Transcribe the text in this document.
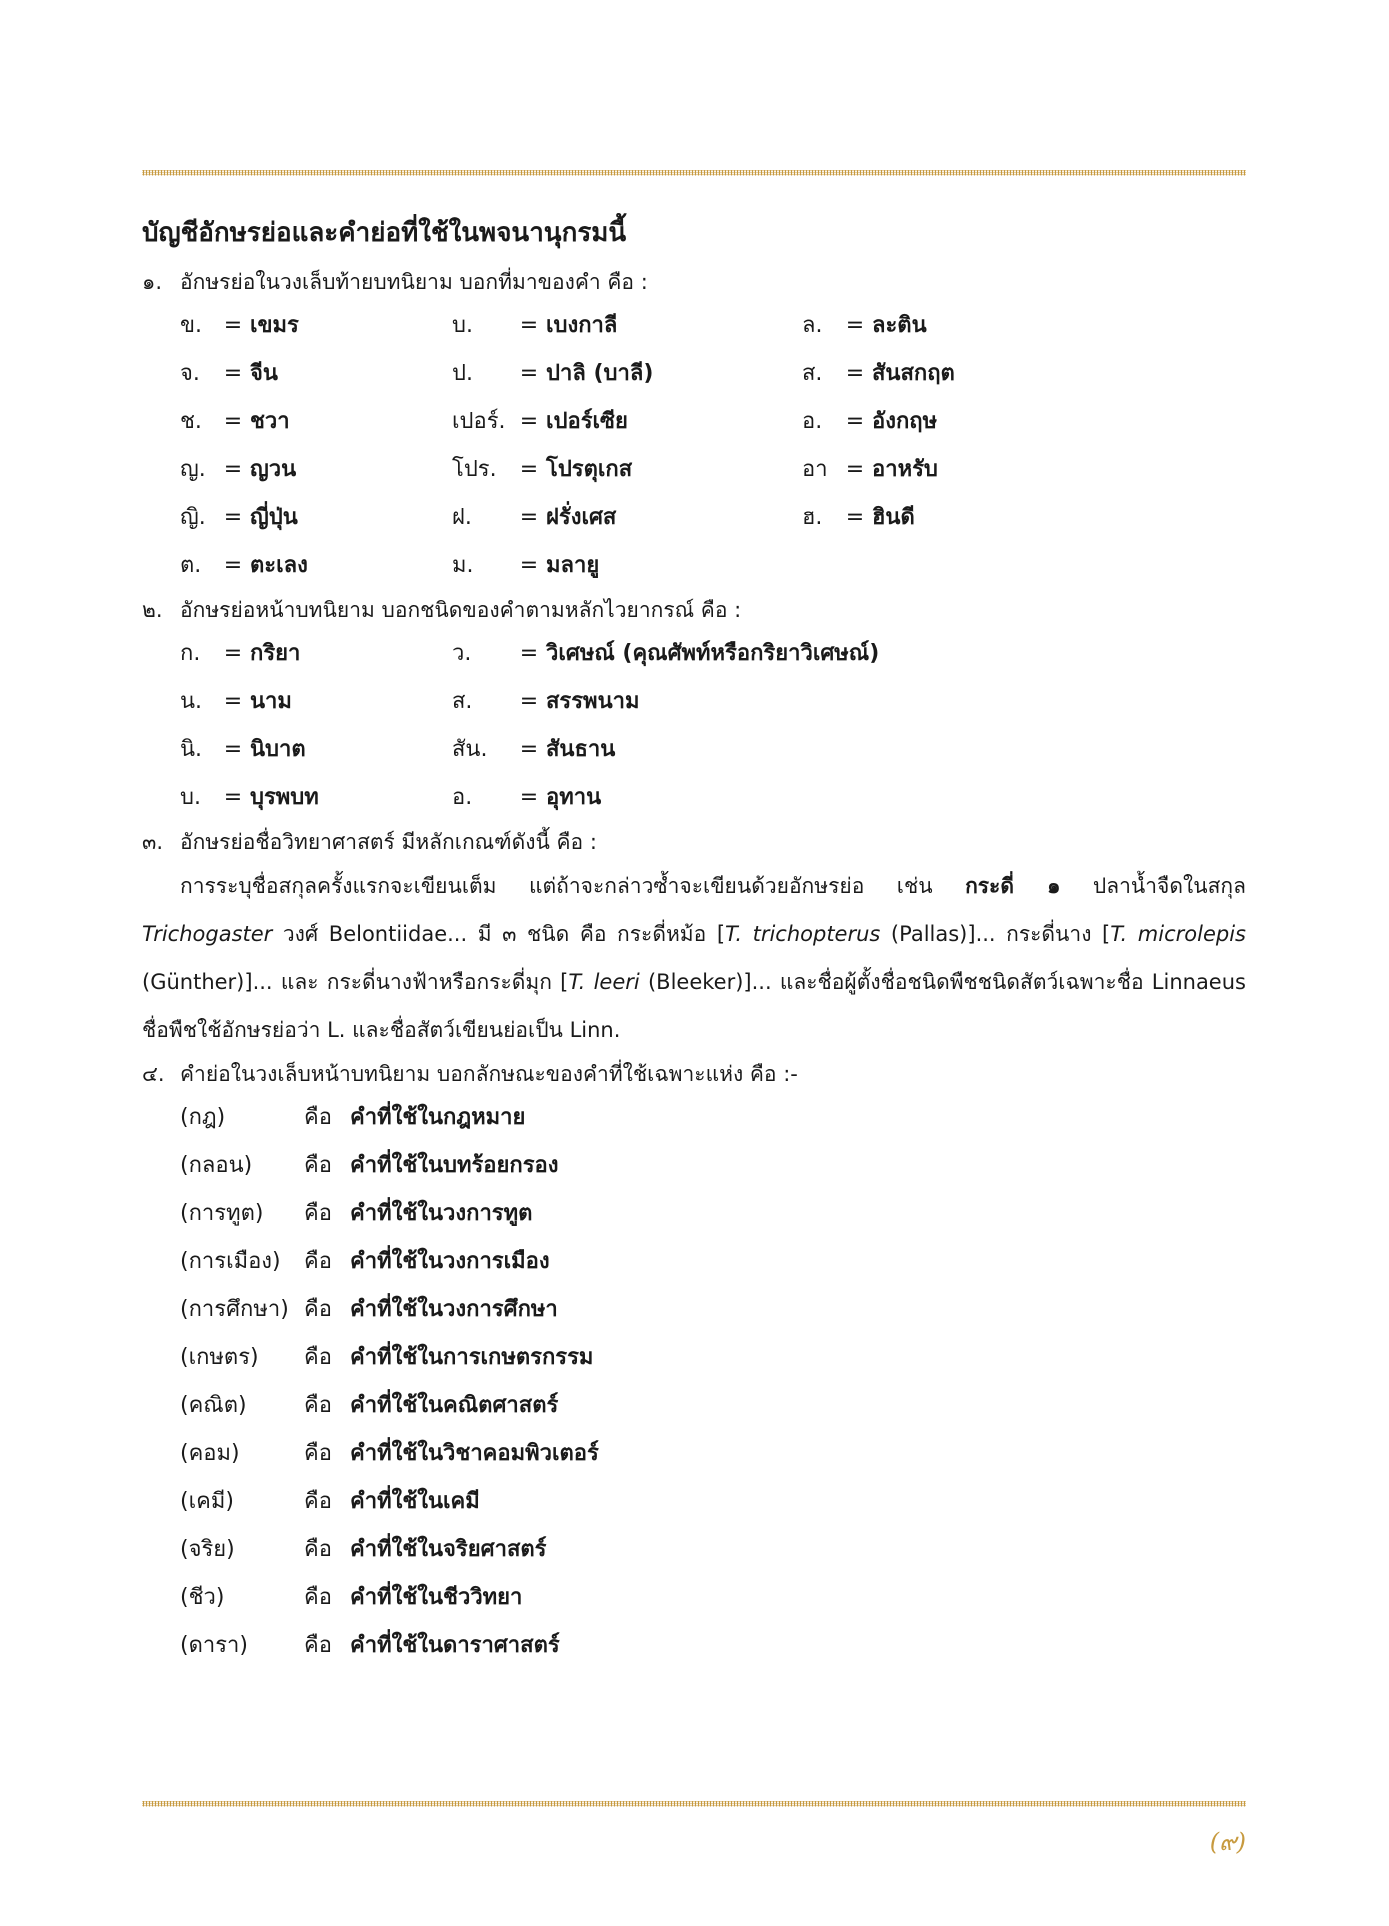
บัญชีอักษรย่อและคำย่อที่ใช้ในพจนานุกรมนี้
๑. อักษรย่อในวงเล็บท้ายบทนิยาม บอกที่มาของคำ คือ :
ข. = เขมร	บ. = เบงกาลี	ล. = ละติน
จ. = จีน	ป. = ปาลิ (บาลี)	ส. = สันสกฤต
ช. = ชวา	เปอร์. = เปอร์เซีย	อ. = อังกฤษ
ญ. = ญวน	โปร. = โปรตุเกส	อา = อาหรับ
ญิ. = ญี่ปุ่น	ฝ. = ฝรั่งเศส	ฮ. = ฮินดี
ต. = ตะเลง	ม. = มลายู
๒. อักษรย่อหน้าบทนิยาม บอกชนิดของคำตามหลักไวยากรณ์ คือ :
ก. = กริยา	ว. = วิเศษณ์ (คุณศัพท์หรือกริยาวิเศษณ์)
น. = นาม	ส. = สรรพนาม
นิ. = นิบาต	สัน. = สันธาน
บ. = บุรพบท	อ. = อุทาน
๓. อักษรย่อชื่อวิทยาศาสตร์ มีหลักเกณฑ์ดังนี้ คือ :
การระบุชื่อสกุลครั้งแรกจะเขียนเต็ม แต่ถ้าจะกล่าวซ้ำจะเขียนด้วยอักษรย่อ เช่น กระดี่ ๑ ปลาน้ำจืดในสกุล Trichogaster วงศ์ Belontiidae... มี ๓ ชนิด คือ กระดี่หม้อ [T. trichopterus (Pallas)]... กระดี่นาง [T. microlepis (Günther)]... และ กระดี่นางฟ้าหรือกระดี่มุก [T. leeri (Bleeker)]... และชื่อผู้ตั้งชื่อชนิดพืชชนิดสัตว์เฉพาะชื่อ Linnaeus ชื่อพืชใช้อักษรย่อว่า L. และชื่อสัตว์เขียนย่อเป็น Linn.
๔. คำย่อในวงเล็บหน้าบทนิยาม บอกลักษณะของคำที่ใช้เฉพาะแห่ง คือ :-
(กฎ)	คือ คำที่ใช้ในกฎหมาย
(กลอน) คือ คำที่ใช้ในบทร้อยกรอง
(การทูต) คือ คำที่ใช้ในวงการทูต
(การเมือง) คือ คำที่ใช้ในวงการเมือง
(การศึกษา) คือ คำที่ใช้ในวงการศึกษา
(เกษตร) คือ คำที่ใช้ในการเกษตรกรรม
(คณิต)	คือ คำที่ใช้ในคณิตศาสตร์
(คอม)	คือ คำที่ใช้ในวิชาคอมพิวเตอร์
(เคมี)	คือ คำที่ใช้ในเคมี
(จริย)	คือ คำที่ใช้ในจริยศาสตร์
(ชีว)	คือ คำที่ใช้ในชีววิทยา
(ดารา)	คือ คำที่ใช้ในดาราศาสตร์
(๙)
